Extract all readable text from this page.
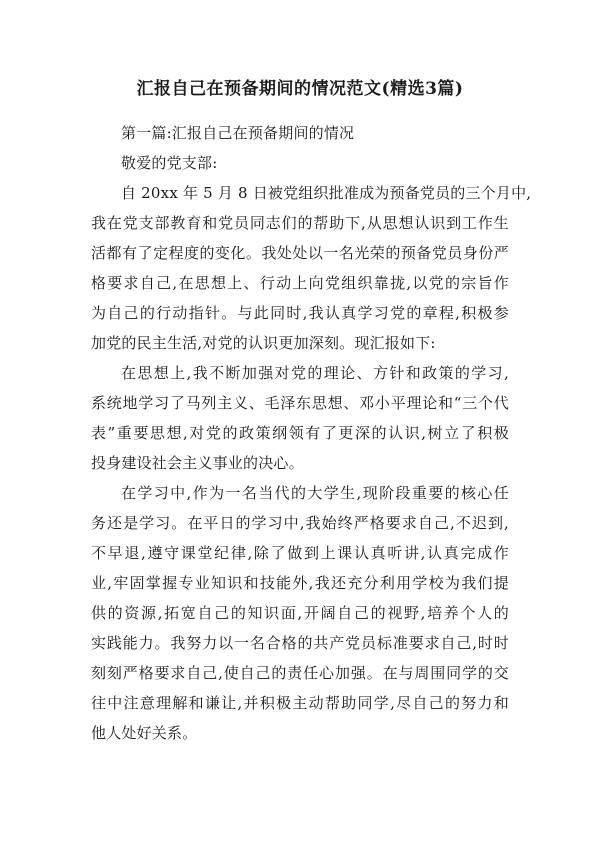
汇报自己在预备期间的情况范文(精选3篇)

第一篇:汇报自己在预备期间的情况

敬爱的党支部:

自 20xx 年 5 月 8 日被党组织批准成为预备党员的三个月中,

我在党支部教育和党员同志们的帮助下,从思想认识到工作生

活都有了定程度的变化。我处处以一名光荣的预备党员身份严

格要求自己,在思想上、行动上向党组织靠拢,以党的宗旨作

为自己的行动指针。与此同时,我认真学习党的章程,积极参

加党的民主生活,对党的认识更加深刻。现汇报如下:

在思想上,我不断加强对党的理论、方针和政策的学习,

系统地学习了马列主义、毛泽东思想、邓小平理论和“三个代

表”重要思想,对党的政策纲领有了更深的认识,树立了积极

投身建设社会主义事业的决心。

在学习中,作为一名当代的大学生,现阶段重要的核心任

务还是学习。在平日的学习中,我始终严格要求自己,不迟到,

不早退,遵守课堂纪律,除了做到上课认真听讲,认真完成作

业,牢固掌握专业知识和技能外,我还充分利用学校为我们提

供的资源,拓宽自己的知识面,开阔自己的视野,培养个人的

实践能力。我努力以一名合格的共产党员标准要求自己,时时

刻刻严格要求自己,使自己的责任心加强。在与周围同学的交

往中注意理解和谦让,并积极主动帮助同学,尽自己的努力和

他人处好关系。
